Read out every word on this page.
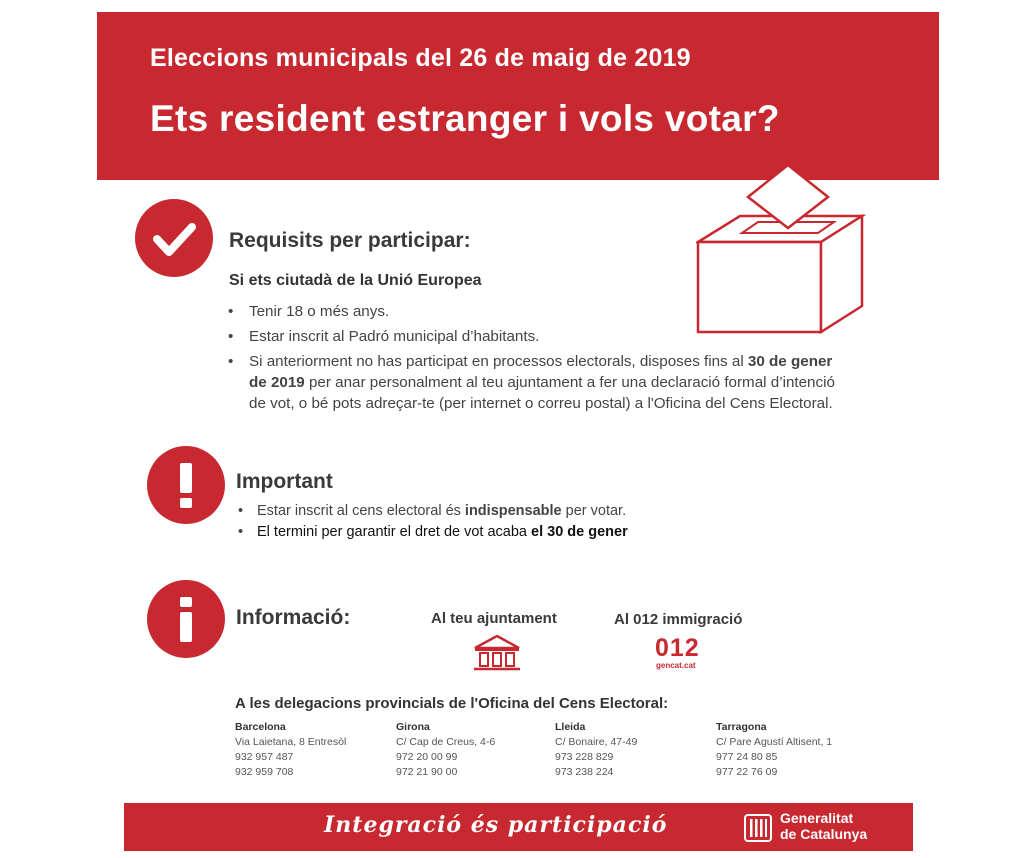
Eleccions municipals del 26 de maig de 2019
Ets resident estranger i vols votar?
Requisits per participar:
Si ets ciutadà de la Unió Europea
• Tenir 18 o més anys.
• Estar inscrit al Padró municipal d’habitants.
• Si anteriorment no has participat en processos electorals, disposes fins al 30 de gener de 2019 per anar personalment al teu ajuntament a fer una declaració formal d’intenció de vot, o bé pots adreçar-te (per internet o correu postal) a l'Oficina del Cens Electoral.
Important
• Estar inscrit al cens electoral és indispensable per votar.
• El termini per garantir el dret de vot acaba el 30 de gener
Informació:	Al teu ajuntament	Al 012 immigració
012
gencat.cat
A les delegacions provincials de l'Oficina del Cens Electoral:
Barcelona
Via Laietana, 8 Entresòl
932 957 487
932 959 708
Girona
C/ Cap de Creus, 4-6
972 20 00 99
972 21 90 00
Lleida
C/ Bonaire, 47-49
973 228 829
973 238 224
Tarragona
C/ Pare Agustí Altisent, 1
977 24 80 85
977 22 76 09
Integració és participació	Generalitat
de Catalunya
